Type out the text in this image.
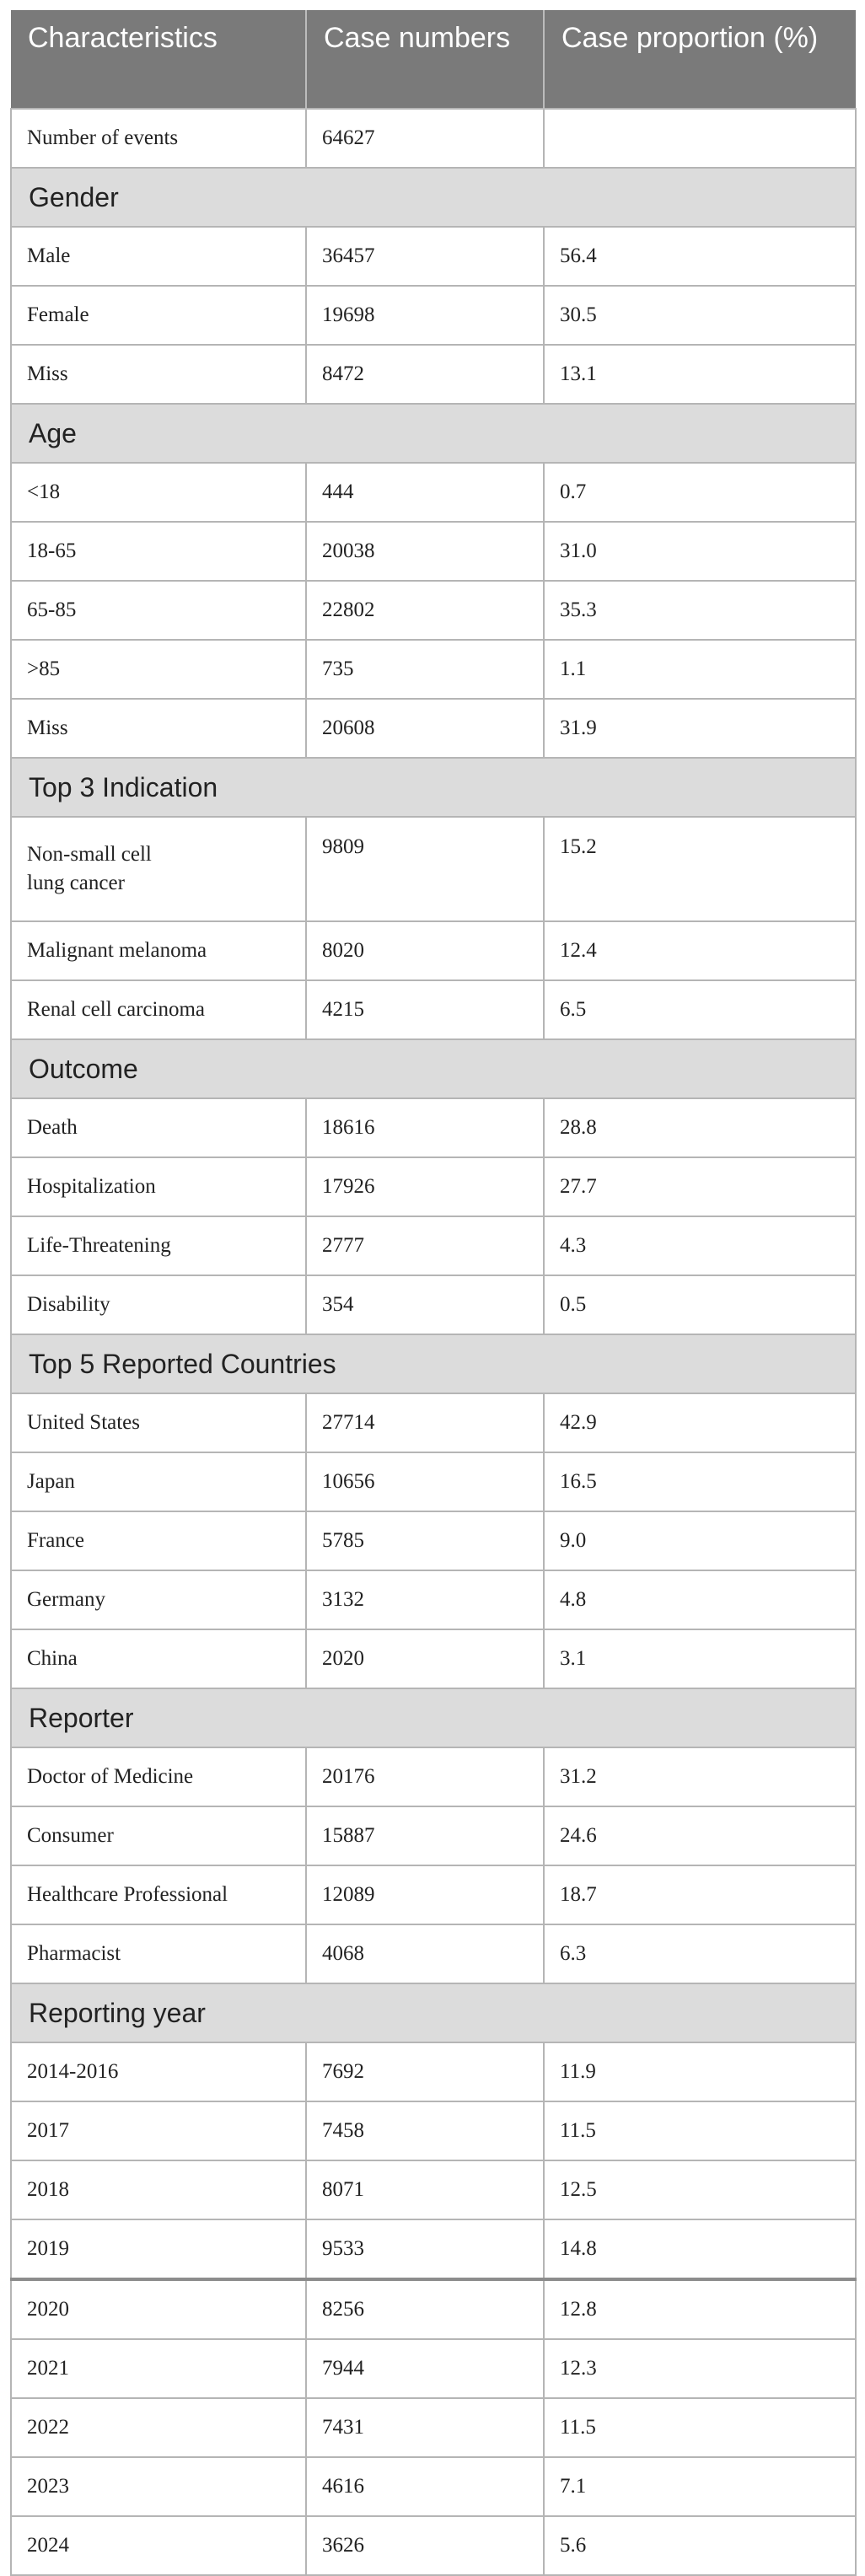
Characteristics	Case numbers	Case proportion (%)
Number of events	64627	
Gender		
Male	36457	56.4
Female	19698	30.5
Miss	8472	13.1
Age		
<18	444	0.7
18-65	20038	31.0
65-85	22802	35.3
>85	735	1.1
Miss	20608	31.9
Top 3 Indication		
Non-small cell
lung cancer	9809	15.2
Malignant melanoma	8020	12.4
Renal cell carcinoma	4215	6.5
Outcome		
Death	18616	28.8
Hospitalization	17926	27.7
Life-Threatening	2777	4.3
Disability	354	0.5
Top 5 Reported Countries		
United States	27714	42.9
Japan	10656	16.5
France	5785	9.0
Germany	3132	4.8
China	2020	3.1
Reporter		
Doctor of Medicine	20176	31.2
Consumer	15887	24.6
Healthcare Professional	12089	18.7
Pharmacist	4068	6.3
Reporting year		
2014-2016	7692	11.9
2017	7458	11.5
2018	8071	12.5
2019	9533	14.8
2020	8256	12.8
2021	7944	12.3
2022	7431	11.5
2023	4616	7.1
2024	3626	5.6
